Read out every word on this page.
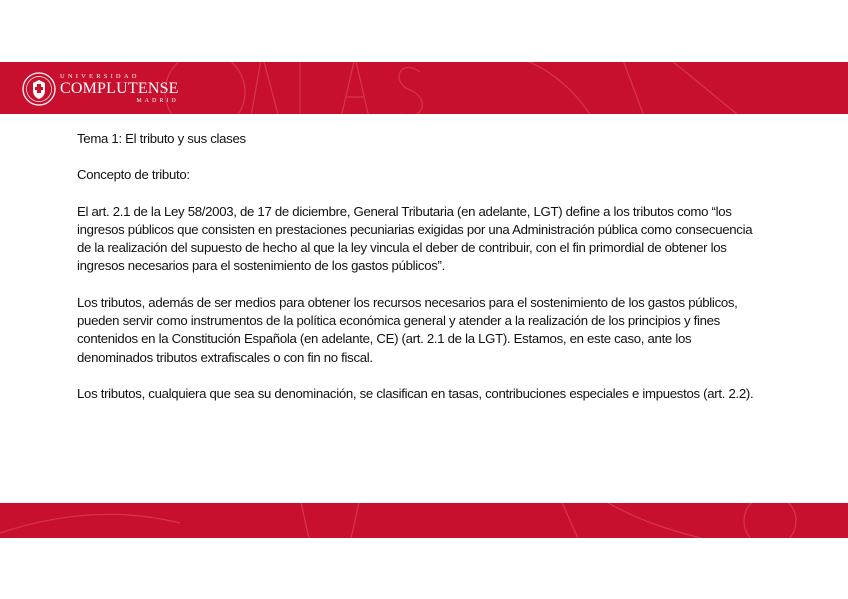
UNIVERSIDAD
COMPLUTENSE
MADRID

Tema 1: El tributo y sus clases

Concepto de tributo:

El art. 2.1 de la Ley 58/2003, de 17 de diciembre, General Tributaria (en adelante, LGT) define a los tributos como “los ingresos públicos que consisten en prestaciones pecuniarias exigidas por una Administración pública como consecuencia de la realización del supuesto de hecho al que la ley vincula el deber de contribuir, con el fin primordial de obtener los ingresos necesarios para el sostenimiento de los gastos públicos”.

Los tributos, además de ser medios para obtener los recursos necesarios para el sostenimiento de los gastos públicos, pueden servir como instrumentos de la política económica general y atender a la realización de los principios y fines contenidos en la Constitución Española (en adelante, CE) (art. 2.1 de la LGT). Estamos, en este caso, ante los denominados tributos extrafiscales o con fin no fiscal.

Los tributos, cualquiera que sea su denominación, se clasifican en tasas, contribuciones especiales e impuestos (art. 2.2).
